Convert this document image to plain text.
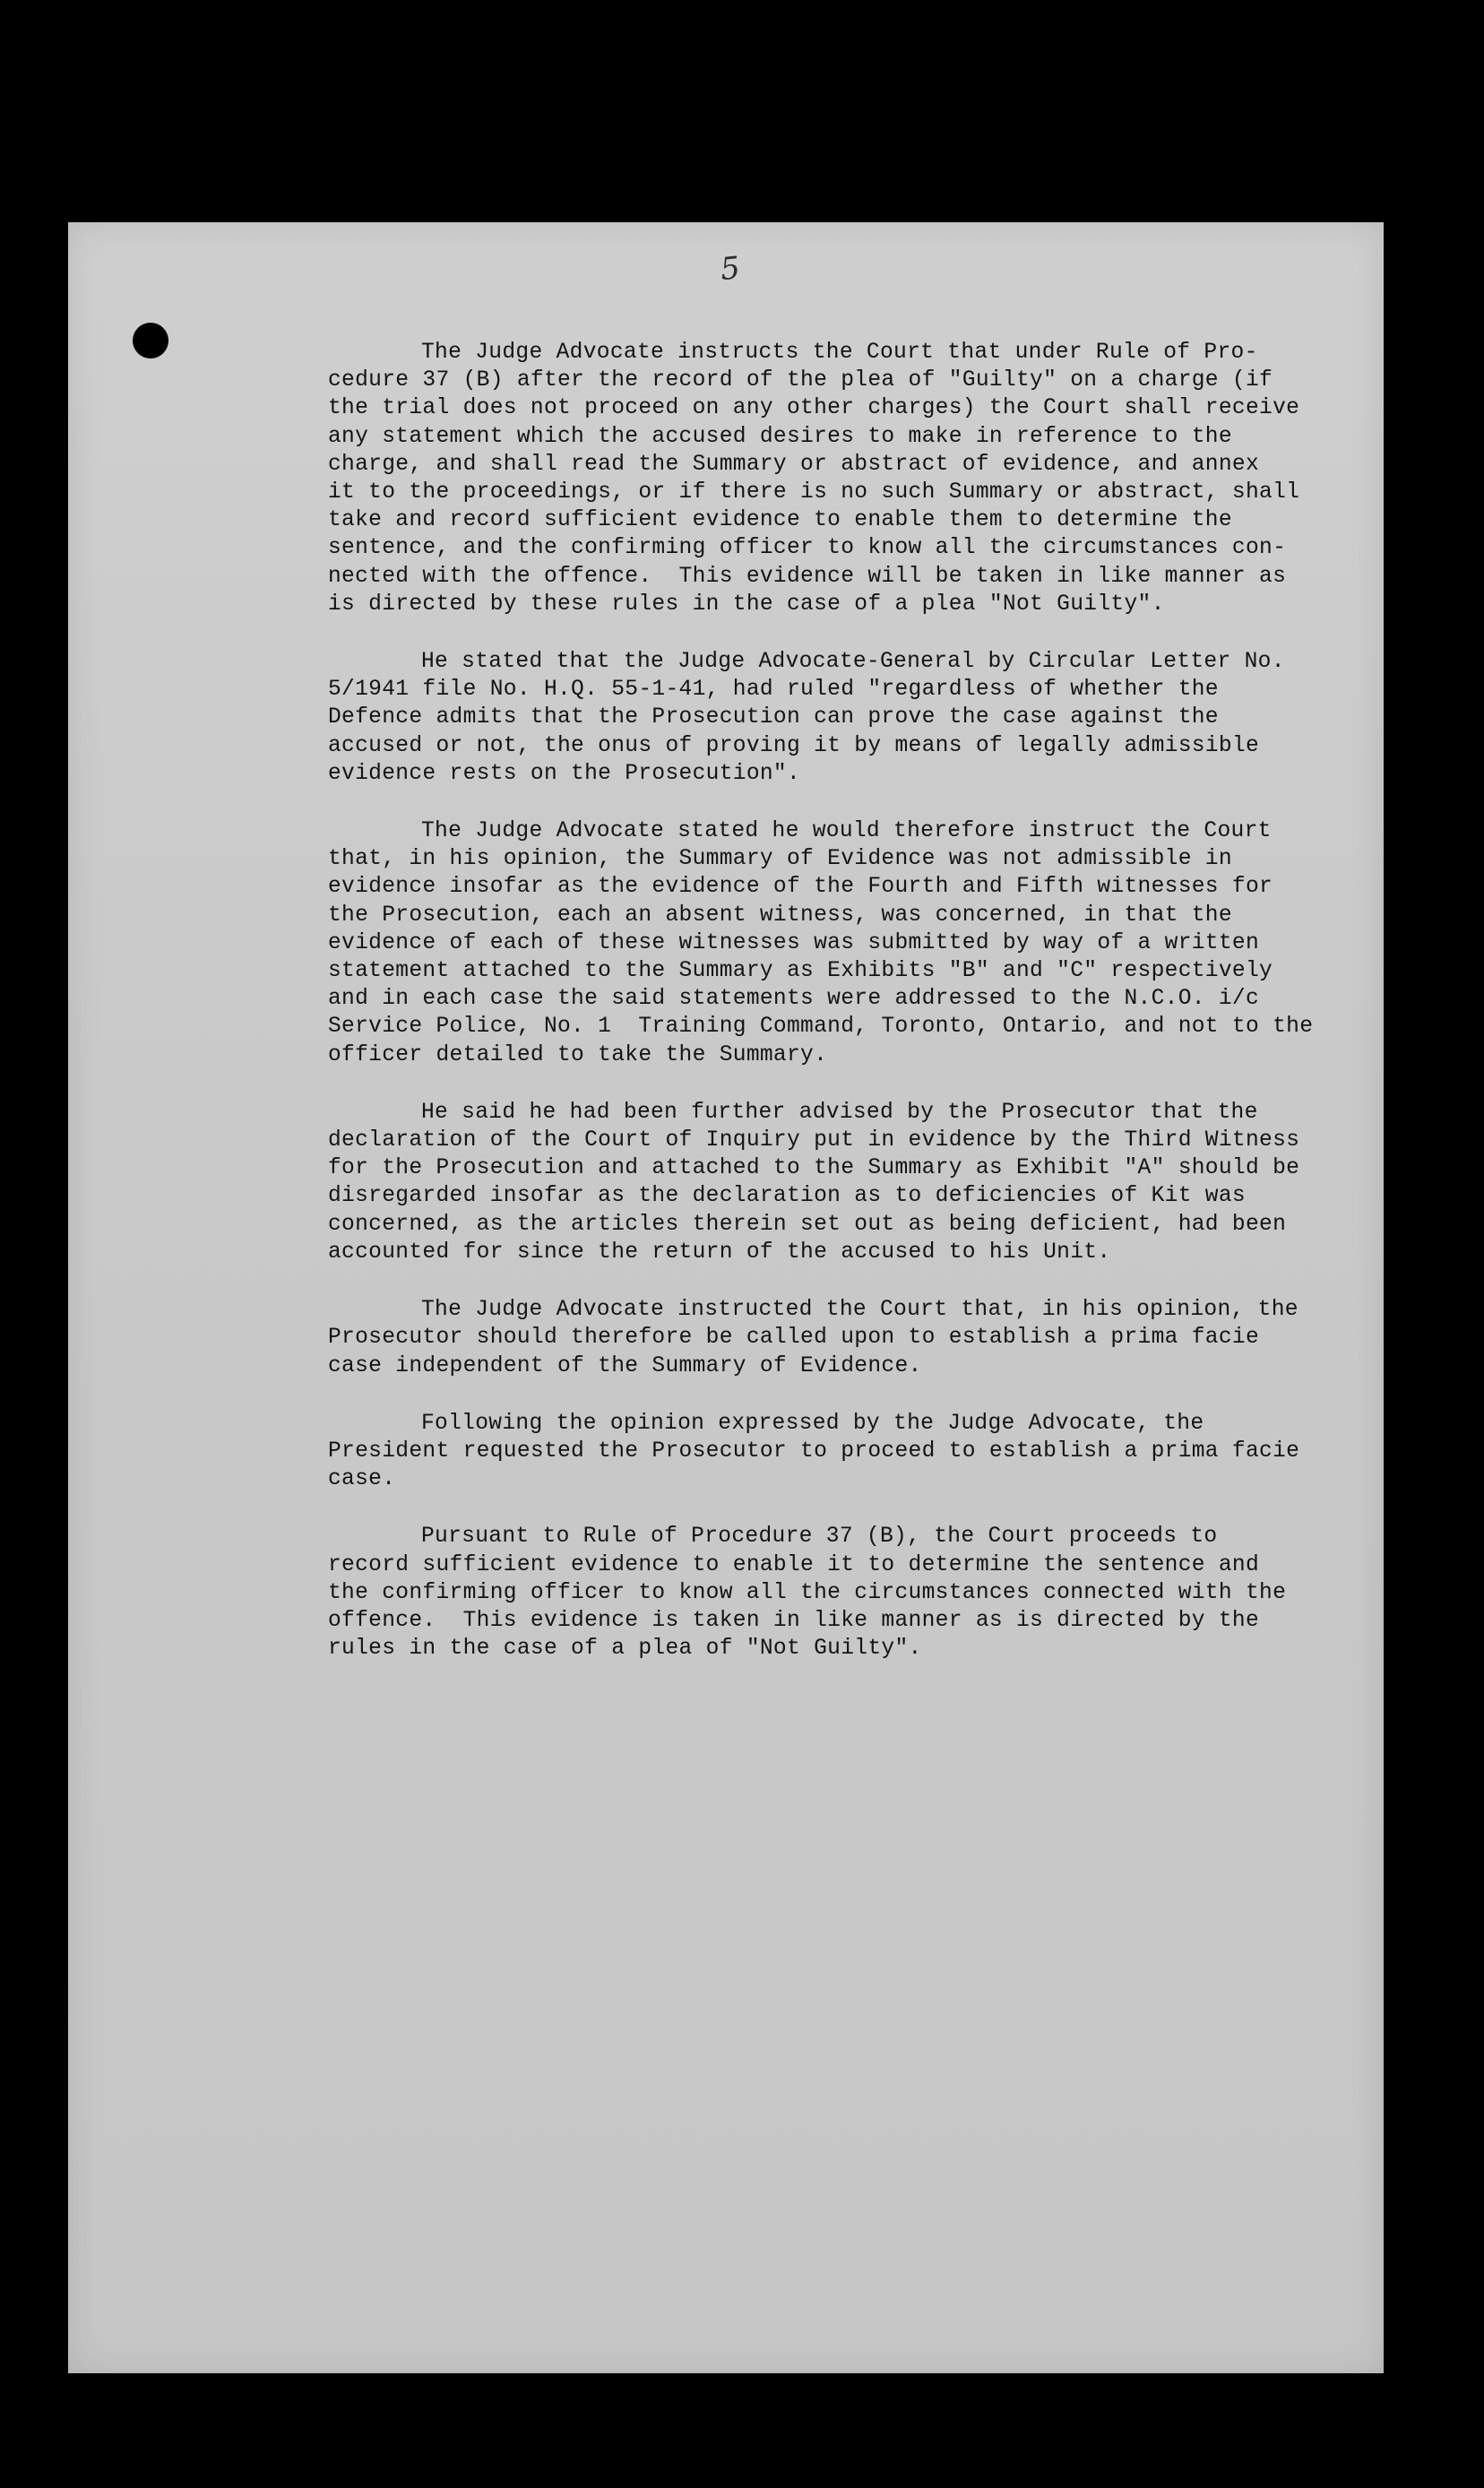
5
The Judge Advocate instructs the Court that under Rule of Pro-
cedure 37 (B) after the record of the plea of "Guilty" on a charge (if
the trial does not proceed on any other charges) the Court shall receive
any statement which the accused desires to make in reference to the
charge, and shall read the Summary or abstract of evidence, and annex
it to the proceedings, or if there is no such Summary or abstract, shall
take and record sufficient evidence to enable them to determine the
sentence, and the confirming officer to know all the circumstances con-
nected with the offence.  This evidence will be taken in like manner as
is directed by these rules in the case of a plea "Not Guilty".
He stated that the Judge Advocate-General by Circular Letter No.
5/1941 file No. H.Q. 55-1-41, had ruled "regardless of whether the
Defence admits that the Prosecution can prove the case against the
accused or not, the onus of proving it by means of legally admissible
evidence rests on the Prosecution".
The Judge Advocate stated he would therefore instruct the Court
that, in his opinion, the Summary of Evidence was not admissible in
evidence insofar as the evidence of the Fourth and Fifth witnesses for
the Prosecution, each an absent witness, was concerned, in that the
evidence of each of these witnesses was submitted by way of a written
statement attached to the Summary as Exhibits "B" and "C" respectively
and in each case the said statements were addressed to the N.C.O. i/c
Service Police, No. 1  Training Command, Toronto, Ontario, and not to the
officer detailed to take the Summary.
He said he had been further advised by the Prosecutor that the
declaration of the Court of Inquiry put in evidence by the Third Witness
for the Prosecution and attached to the Summary as Exhibit "A" should be
disregarded insofar as the declaration as to deficiencies of Kit was
concerned, as the articles therein set out as being deficient, had been
accounted for since the return of the accused to his Unit.
The Judge Advocate instructed the Court that, in his opinion, the
Prosecutor should therefore be called upon to establish a prima facie
case independent of the Summary of Evidence.
Following the opinion expressed by the Judge Advocate, the
President requested the Prosecutor to proceed to establish a prima facie
case.
Pursuant to Rule of Procedure 37 (B), the Court proceeds to
record sufficient evidence to enable it to determine the sentence and
the confirming officer to know all the circumstances connected with the
offence.  This evidence is taken in like manner as is directed by the
rules in the case of a plea of "Not Guilty".
